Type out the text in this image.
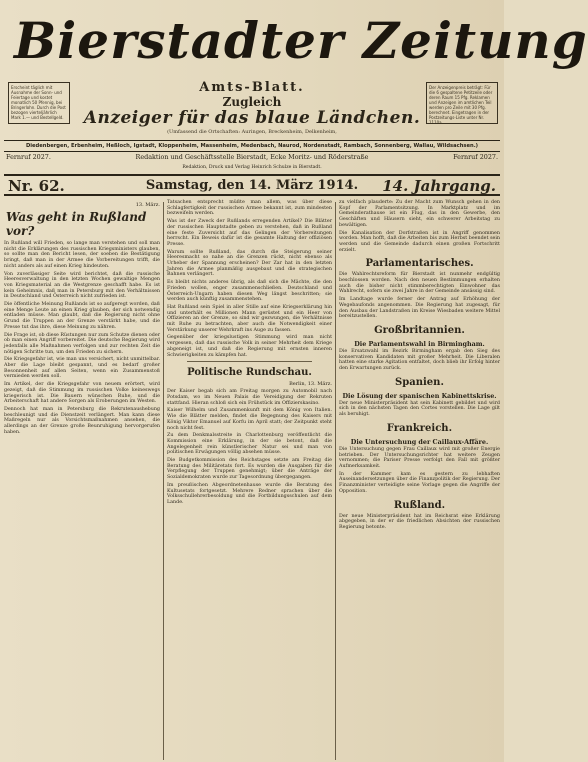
Erscheint täglich mit Ausnahme der Sonn- und Feiertage und kostet monatlich 50 Pfennig, bei Bringerlohn. Durch die Post bezogen vierteljährlich Mark 1.— und Bestellgeld.
Bierstadter Zeitung
Der Anzeigenpreis beträgt: Für die 6 gespaltene Petitzeile oder deren Raum 15 Pfg. Reklamen und Anzeigen im amtlichen Teil werden pro Zeile mit 30 Pfg. berechnet. Eingetragen in der Postzeitungs-Liste unter Nr. 1110a.
Amts-Blatt.
Zugleich
Anzeiger für das blaue Ländchen.
(Umfassend die Ortschaften: Auringen, Breckenheim, Delkenheim,
Diedenbergen, Erbenheim, Heßloch, Igstadt, Kloppenheim, Massenheim, Medenbach, Naurod, Nordenstadt, Rambach, Sonnenberg, Wallau, Wildsachsen.)
Fernruf 2027.	Redaktion und Geschäftsstelle Bierstadt, Ecke Moritz- und Röderstraße	Fernruf 2027.
Redaktion, Druck und Verlag Heinrich Schulze in Bierstadt.
Nr. 62.	Samstag, den 14. März 1914.	14. Jahrgang.
13. März.
Was geht in Rußland vor?

In Rußland will Frieden, so lange man verstehen und soll man nicht die Erklärungen des russischen Kriegsministers glauben, so sollte man den Bericht lesen, der soeben die Bestätigung bringt, daß man in der Armee die Vorbereitungen trifft, die nicht anders als auf einen Krieg hindeuten.

Von zuverlässiger Seite wird berichtet, daß die russische Heeresverwaltung in den letzten Wochen gewaltige Mengen von Kriegsmaterial an die Westgrenze geschafft habe. Es ist kein Geheimnis, daß man in Petersburg mit den Verhältnissen in Deutschland und Österreich nicht zufrieden ist.

Die öffentliche Meinung Rußlands ist so aufgeregt worden, daß eine Menge Leute an einen Krieg glauben, der sich notwendig entladen müsse. Man glaubt, daß die Regierung nicht ohne Grund die Truppen an der Grenze verstärkt habe, und die Presse tut das ihre, diese Meinung zu nähren.

Die Frage ist, ob diese Rüstungen nur zum Schutze dienen oder ob man einen Angriff vorbereitet. Die deutsche Regierung wird jedenfalls alle Maßnahmen verfolgen und zur rechten Zeit die nötigen Schritte tun, um den Frieden zu sichern.

Die Kriegsgefahr ist, wie man uns versichert, nicht unmittelbar. Aber die Lage bleibt gespannt, und es bedarf großer Besonnenheit auf allen Seiten, wenn ein Zusammenstoß vermieden werden soll.

Im Artikel, der die Kriegsgefahr von neuem erörtert, wird gezeigt, daß die Stimmung im russischen Volke keineswegs kriegerisch ist. Die Bauern wünschen Ruhe, und die Arbeiterschaft hat andere Sorgen als Eroberungen im Westen.

Dennoch hat man in Petersburg die Rekrutenaushebung beschleunigt und die Dienstzeit verlängert. Man kann diese Maßregeln nur als Vorsichtsmaßnahmen ansehen, die allerdings an der Grenze große Beunruhigung hervorgerufen haben.

Tatsachen entsprecht müßte man allem, was über diese Schlagfertigkeit der russischen Armee bekannt ist, zum mindesten bezweifeln werden.

Was ist der Zweck der Rußlands erregenden Artikel? Die Blätter der russischen Hauptstadte geben zu verstehen, daß in Rußland eine feste Zuversicht auf das Gelingen der Vorbereitungen herrscht. Ein Beweis dafür ist die gesamte Haltung der offiziösen Presse.

Warum sollte Rußland, das durch die Steigerung seiner Heeresmacht so nahe an die Grenzen rückt, nicht ebenso als Urheber der Spannung erscheinen? Der Zar hat in den letzten Jahren die Armee planmäßig ausgebaut und die strategischen Bahnen verlängert.

Es bleibt nichts anderes übrig, als daß sich die Mächte, die den Frieden wollen, enger zusammenschließen. Deutschland und Österreich-Ungarn haben diesen Weg längst beschritten; sie werden auch künftig zusammenstehen.

Hat Rußland sein Spiel in aller Stille auf eine Kriegserklärung hin und unterhält es Millionen Mann gerüstet und ein Heer von Offizieren an der Grenze, so sind wir gezwungen, die Verhältnisse mit Ruhe zu betrachten, aber auch die Notwendigkeit einer Verstärkung unserer Wehrkraft ins Auge zu fassen.

Gegenüber der kriegslustigen Stimmung wird man nicht vergessen, daß das russische Volk in seiner Mehrheit dem Kriege abgeneigt ist, und daß die Regierung mit ernsten inneren Schwierigkeiten zu kämpfen hat.

Politische Rundschau.
Berlin, 13. März.

Der Kaiser begab sich am Freitag morgen zu Automobil nach Potsdam, wo im Neuen Palais die Vereidigung der Rekruten stattfand. Hieran schloß sich ein Frühstück im Offizierskasino.

Kaiser Wilhelm und Zusammenkunft mit dem König von Italien. Wie die Blätter melden, findet die Begegnung des Kaisers mit König Viktor Emanuel auf Korfu im April statt; der Zeitpunkt steht noch nicht fest.

Zu dem Denkmalsstreite in Charlottenburg veröffentlicht die Kommission eine Erklärung, in der sie betont, daß die Angelegenheit rein künstlerischer Natur sei und man von politischen Erwägungen völlig absehen müsse.

Die Budgetkommission des Reichstages setzte am Freitag die Beratung des Militäretats fort. Es wurden die Ausgaben für die Verpflegung der Truppen genehmigt; über die Anträge der Sozialdemokraten wurde zur Tagesordnung übergegangen.

Im preußischen Abgeordnetenhause wurde die Beratung des Kultusetats fortgesetzt. Mehrere Redner sprachen über die Volksschullehrerbesoldung und die Fortbildungsschulen auf dem Lande.

zu vielfach plauderte: Zu der Macht zum Wunsch gehen in den Kopf der Parlamentsitzung. In Marktplatz und im Gemeinderathause ist ein Flug, das in den Gewerbe, den Geschäften und Häusern sieht, ein schwerer Arbeitstag zu bewältigen.

Die Kanalisation der Dorfstraßen ist in Angriff genommen worden. Man hofft, daß die Arbeiten bis zum Herbst beendet sein werden und die Gemeinde dadurch einen großen Fortschritt erzielt.

Parlamentarisches.

Die Wahlrechtsreform für Bierstadt ist nunmehr endgültig beschlossen worden. Nach den neuen Bestimmungen erhalten auch die bisher nicht stimmberechtigten Einwohner das Wahlrecht, sofern sie zwei Jahre in der Gemeinde ansässig sind.

Im Landtage wurde ferner der Antrag auf Erhöhung der Wegebaufonds angenommen. Die Regierung hat zugesagt, für den Ausbau der Landstraßen im Kreise Wiesbaden weitere Mittel bereitzustellen.

Großbritannien.
Die Parlamentswahl in Birmingham.

Die Ersatzwahl im Bezirk Birmingham ergab den Sieg des konservativen Kandidaten mit großer Mehrheit. Die Liberalen hatten eine starke Agitation entfaltet, doch blieb ihr Erfolg hinter den Erwartungen zurück.

Spanien.
Die Lösung der spanischen Kabinettskrise.

Der neue Ministerpräsident hat sein Kabinett gebildet und wird sich in den nächsten Tagen den Cortes vorstellen. Die Lage gilt als beruhigt.

Frankreich.
Die Untersuchung der Caillaux-Affäre.

Die Untersuchung gegen Frau Caillaux wird mit großer Energie betrieben. Der Untersuchungsrichter hat weitere Zeugen vernommen; die Pariser Presse verfolgt den Fall mit größter Aufmerksamkeit.

In der Kammer kam es gestern zu lebhaften Auseinandersetzungen über die Finanzpolitik der Regierung. Der Finanzminister verteidigte seine Vorlage gegen die Angriffe der Opposition.

Rußland.

Der neue Ministerpräsident hat im Reichsrat eine Erklärung abgegeben, in der er die friedlichen Absichten der russischen Regierung betonte.
